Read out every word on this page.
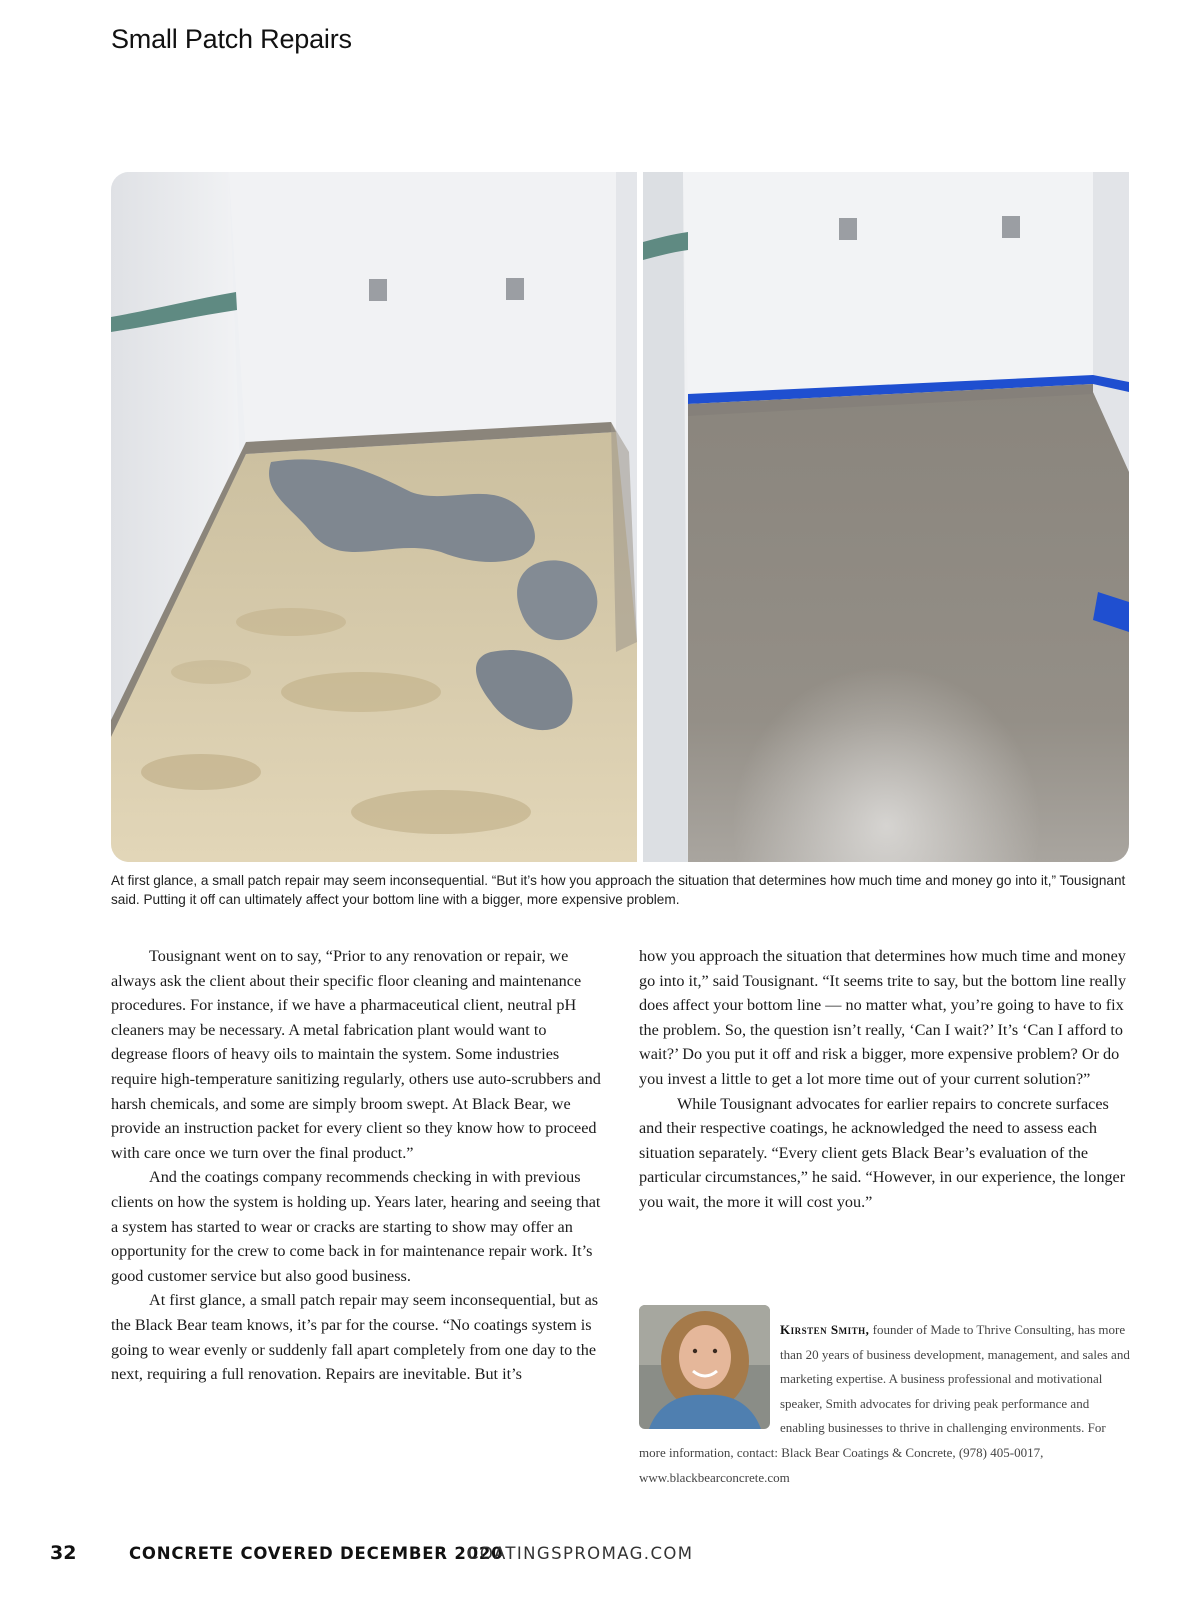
Small Patch Repairs
At first glance, a small patch repair may seem inconsequential. “But it’s how you approach the situation that determines how much time and money go into it,” Tousignant said. Putting it off can ultimately affect your bottom line with a bigger, more expensive problem.

Tousignant went on to say, “Prior to any renovation or repair, we always ask the client about their specific floor cleaning and maintenance procedures. For instance, if we have a pharmaceutical client, neutral pH cleaners may be necessary. A metal fabrication plant would want to degrease floors of heavy oils to maintain the system. Some industries require high-temperature sanitizing regularly, others use auto-scrubbers and harsh chemicals, and some are simply broom swept. At Black Bear, we provide an instruction packet for every client so they know how to proceed with care once we turn over the final product.”

And the coatings company recommends checking in with previous clients on how the system is holding up. Years later, hearing and seeing that a system has started to wear or cracks are starting to show may offer an opportunity for the crew to come back in for maintenance repair work. It’s good customer service but also good business.

At first glance, a small patch repair may seem inconsequential, but as the Black Bear team knows, it’s par for the course. “No coatings system is going to wear evenly or suddenly fall apart completely from one day to the next, requiring a full renovation. Repairs are inevitable. But it’s

how you approach the situation that determines how much time and money go into it,” said Tousignant. “It seems trite to say, but the bottom line really does affect your bottom line — no matter what, you’re going to have to fix the problem. So, the question isn’t really, ‘Can I wait?’ It’s ‘Can I afford to wait?’ Do you put it off and risk a bigger, more expensive problem? Or do you invest a little to get a lot more time out of your current solution?”

While Tousignant advocates for earlier repairs to concrete surfaces and their respective coatings, he acknowledged the need to assess each situation separately. “Every client gets Black Bear’s evaluation of the particular circumstances,” he said. “However, in our experience, the longer you wait, the more it will cost you.”

Kirsten Smith, founder of Made to Thrive Consulting, has more than 20 years of business development, management, and sales and marketing expertise. A business professional and motivational speaker, Smith advocates for driving peak performance and enabling businesses to thrive in challenging environments. For more information, contact: Black Bear Coatings & Concrete, (978) 405-0017, www.blackbearconcrete.com
32	CONCRETE COVERED DECEMBER 2020
COATINGSPROMAG.COM
